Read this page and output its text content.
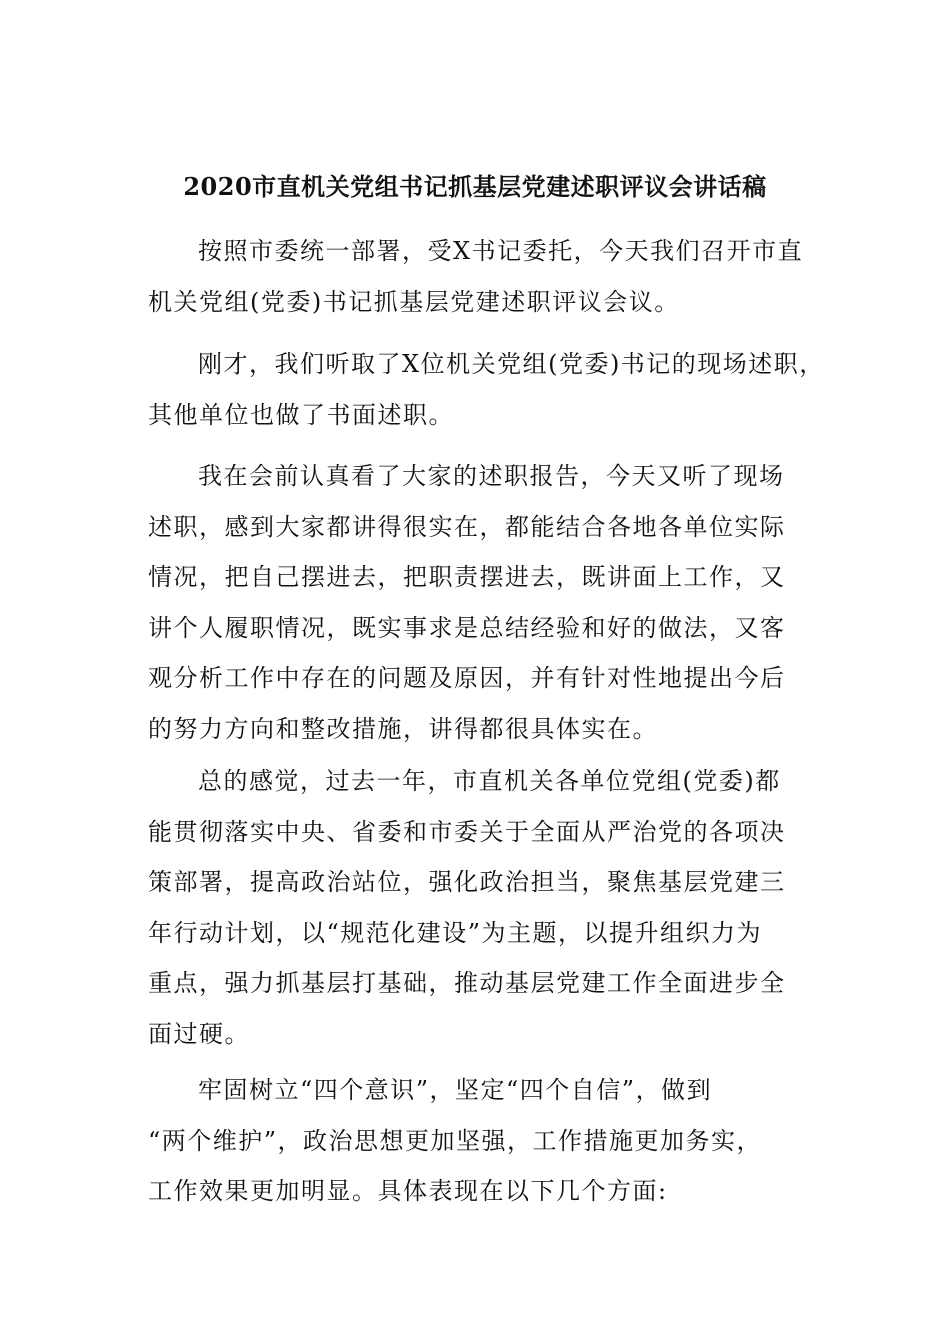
2020市直机关党组书记抓基层党建述职评议会讲话稿
按照市委统一部署，受X书记委托，今天我们召开市直
机关党组(党委)书记抓基层党建述职评议会议。
刚才，我们听取了X位机关党组(党委)书记的现场述职，
其他单位也做了书面述职。
我在会前认真看了大家的述职报告，今天又听了现场
述职，感到大家都讲得很实在，都能结合各地各单位实际
情况，把自己摆进去，把职责摆进去，既讲面上工作，又
讲个人履职情况，既实事求是总结经验和好的做法，又客
观分析工作中存在的问题及原因，并有针对性地提出今后
的努力方向和整改措施，讲得都很具体实在。
总的感觉，过去一年，市直机关各单位党组(党委)都
能贯彻落实中央、省委和市委关于全面从严治党的各项决
策部署，提高政治站位，强化政治担当，聚焦基层党建三
年行动计划，以“规范化建设”为主题，以提升组织力为
重点，强力抓基层打基础，推动基层党建工作全面进步全
面过硬。
牢固树立“四个意识”，坚定“四个自信”，做到
“两个维护”，政治思想更加坚强，工作措施更加务实，
工作效果更加明显。具体表现在以下几个方面:
